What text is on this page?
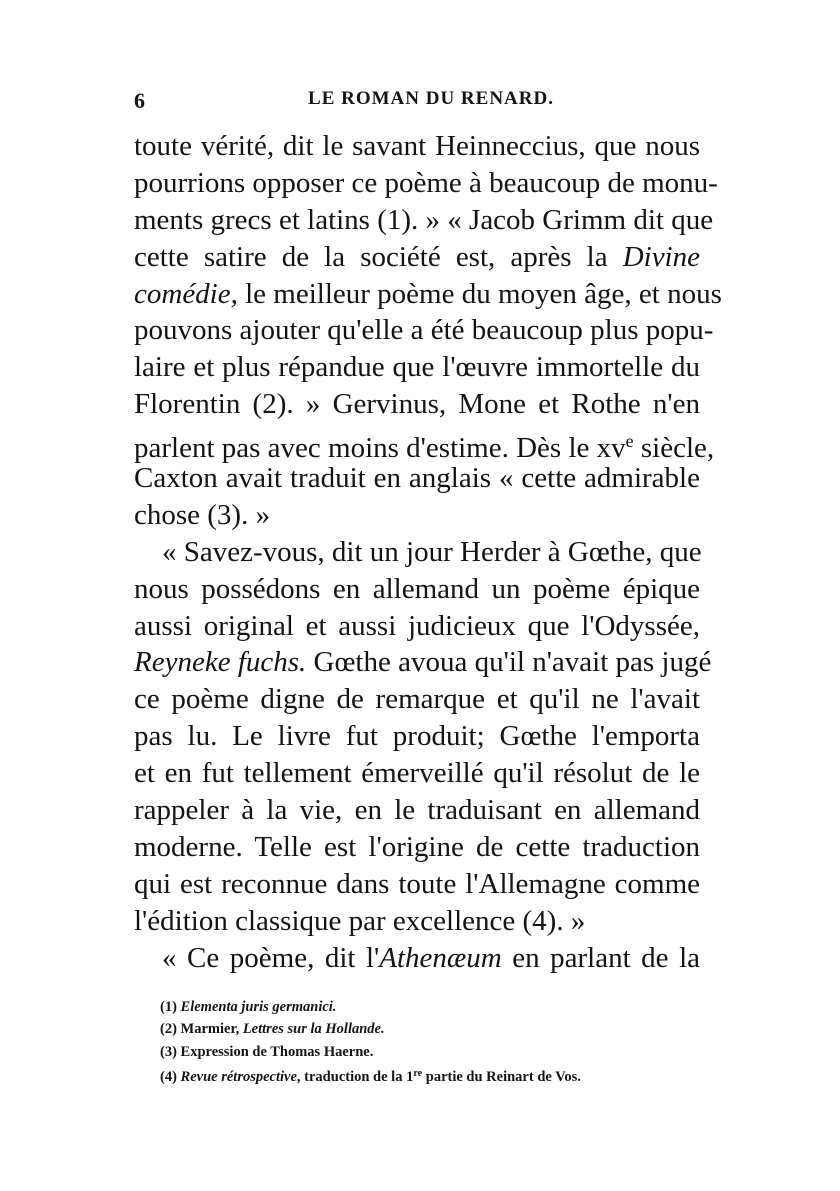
6	LE ROMAN DU RENARD.
toute vérité, dit le savant Heinneccius, que nous
pourrions opposer ce poème à beaucoup de monu-
ments grecs et latins (1). » « Jacob Grimm dit que
cette satire de la société est, après la Divine
comédie, le meilleur poème du moyen âge, et nous
pouvons ajouter qu'elle a été beaucoup plus popu-
laire et plus répandue que l'œuvre immortelle du
Florentin (2). » Gervinus, Mone et Rothe n'en
parlent pas avec moins d'estime. Dès le $xv^e$ siècle,
Caxton avait traduit en anglais « cette admirable
chose (3). »
« Savez-vous, dit un jour Herder à Gœthe, que
nous possédons en allemand un poème épique
aussi original et aussi judicieux que l'Odyssée,
Reyneke fuchs. Gœthe avoua qu'il n'avait pas jugé
ce poème digne de remarque et qu'il ne l'avait
pas lu. Le livre fut produit; Gœthe l'emporta
et en fut tellement émerveillé qu'il résolut de le
rappeler à la vie, en le traduisant en allemand
moderne. Telle est l'origine de cette traduction
qui est reconnue dans toute l'Allemagne comme
l'édition classique par excellence (4). »
« Ce poème, dit l'Athenæum en parlant de la
(1) Elementa juris germanici.
(2) Marmier, Lettres sur la Hollande.
(3) Expression de Thomas Haerne.
(4) Revue rétrospective, traduction de la 1re partie du Reinart de Vos.
